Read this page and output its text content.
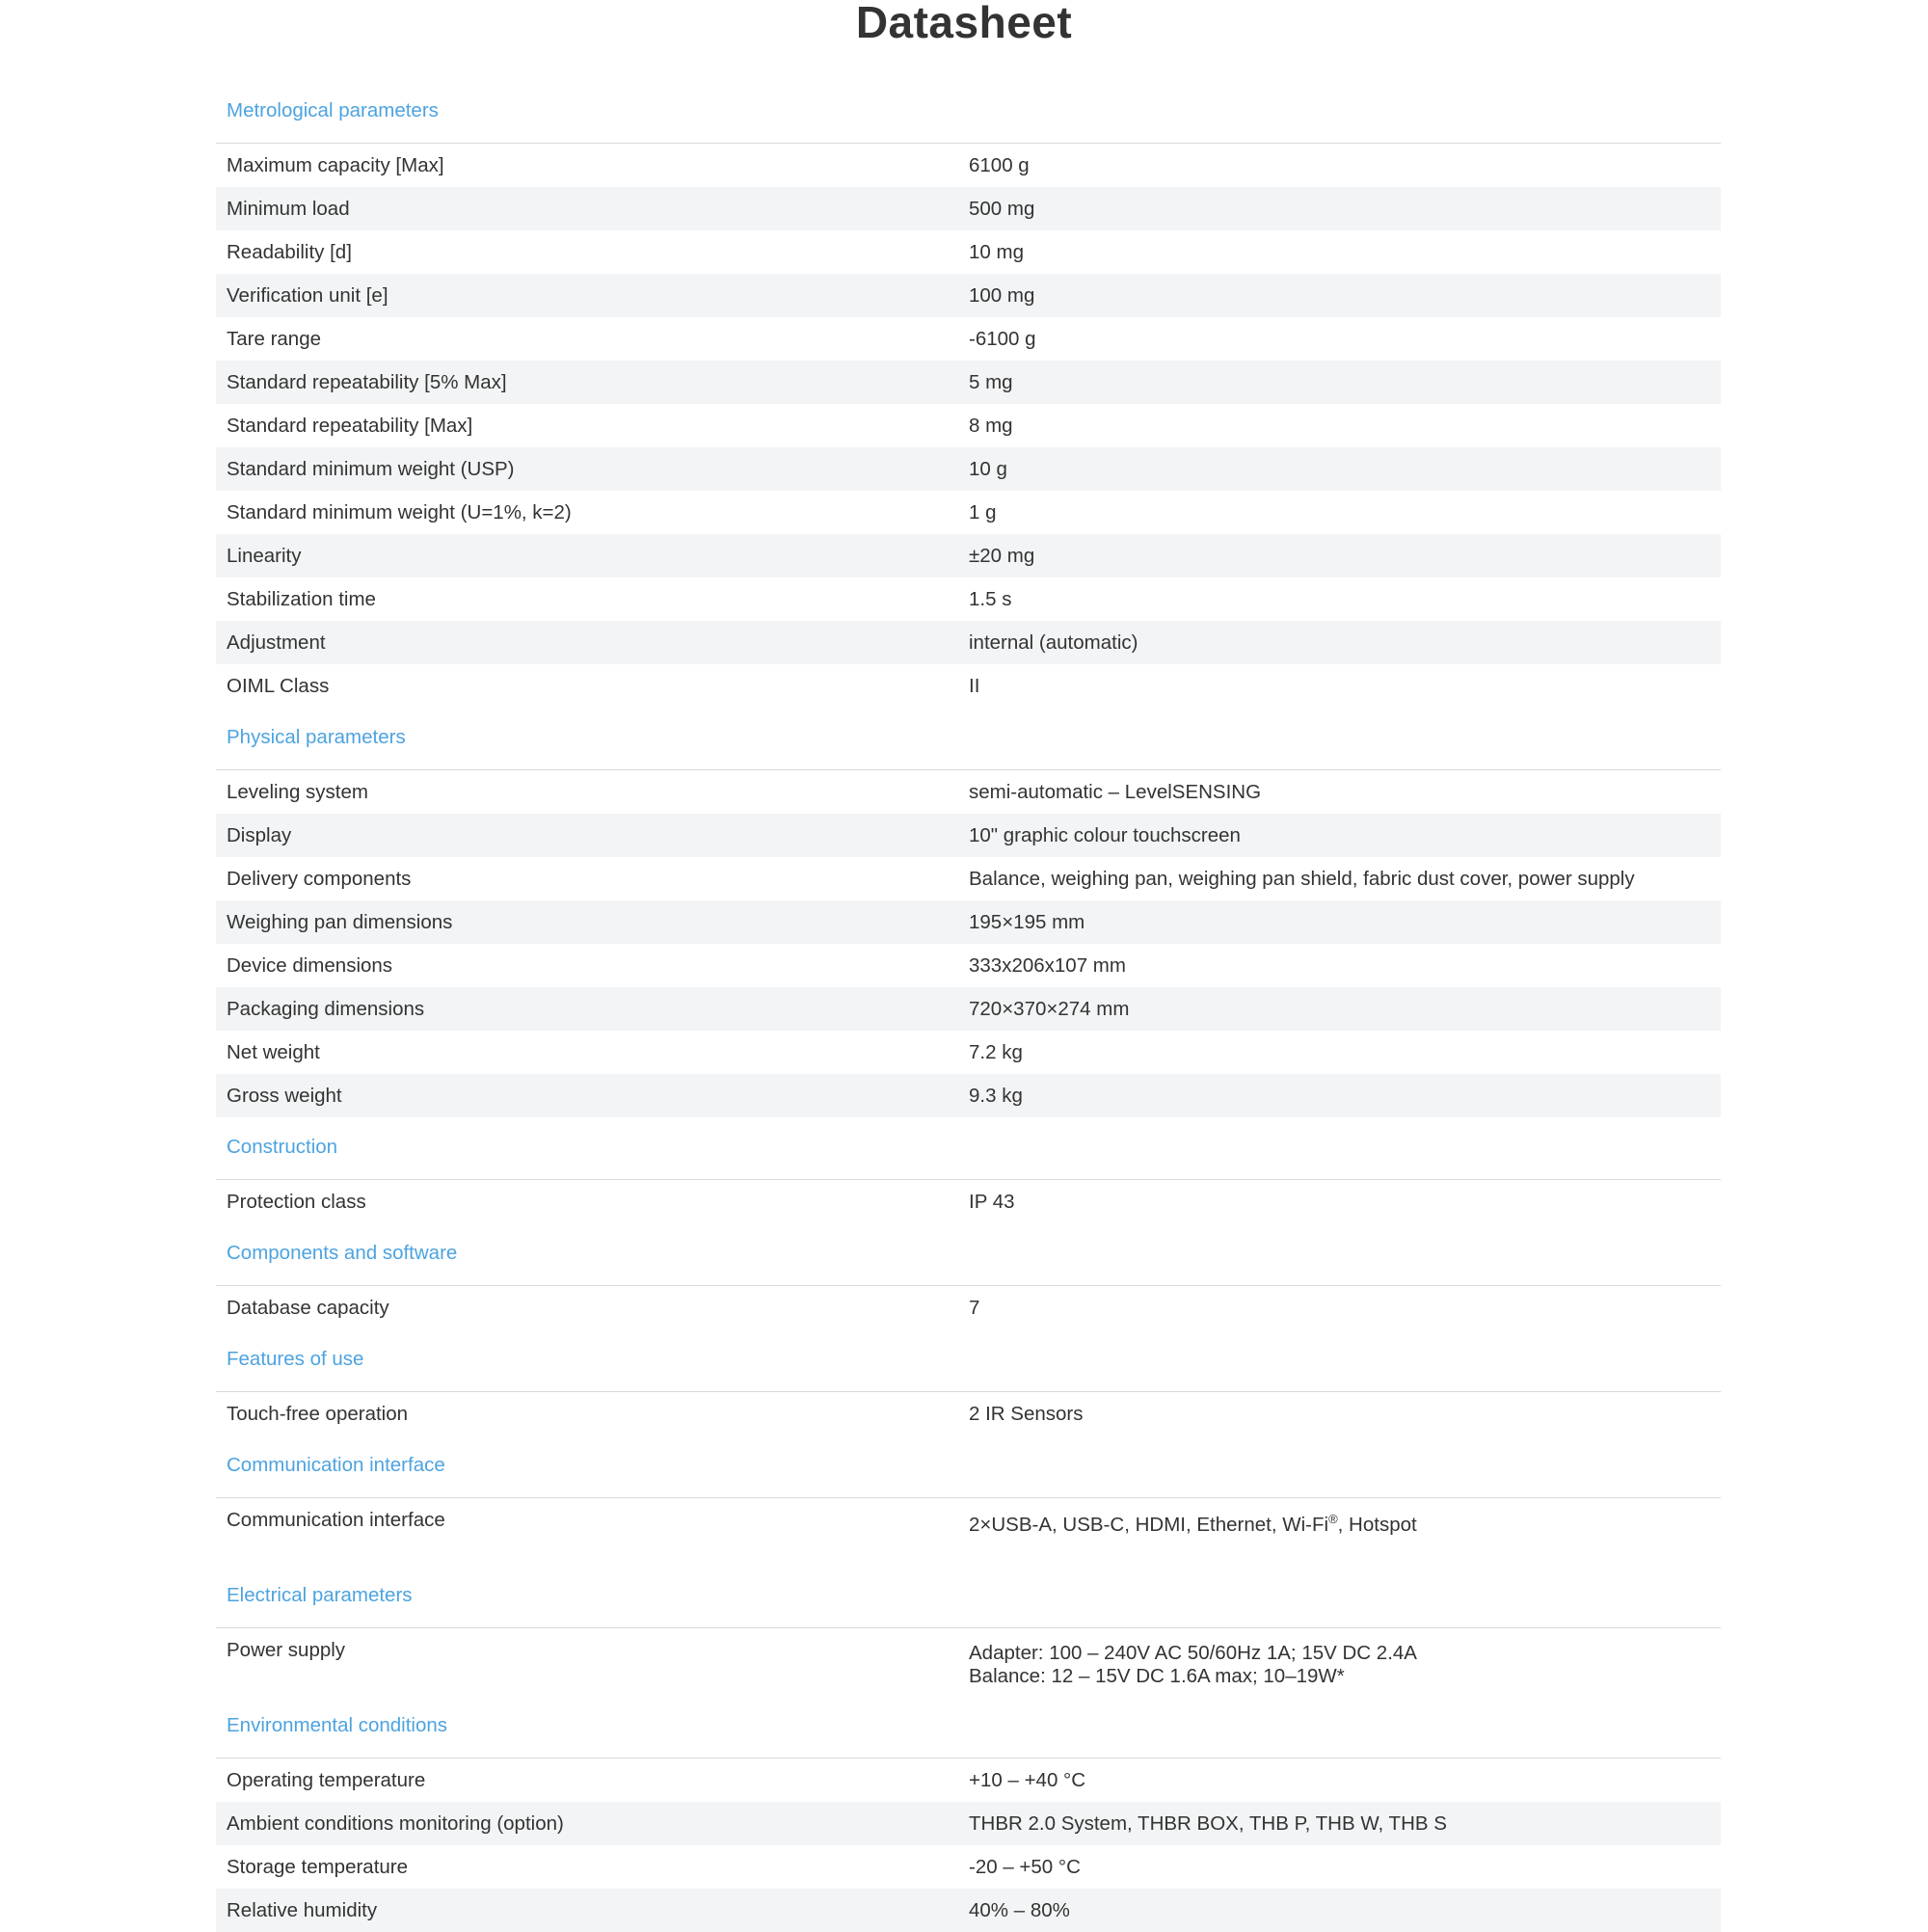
Datasheet
Metrological parameters
Maximum capacity [Max]	6100 g
Minimum load	500 mg
Readability [d]	10 mg
Verification unit [e]	100 mg
Tare range	-6100 g
Standard repeatability [5% Max]	5 mg
Standard repeatability [Max]	8 mg
Standard minimum weight (USP)	10 g
Standard minimum weight (U=1%, k=2)	1 g
Linearity	±20 mg
Stabilization time	1.5 s
Adjustment	internal (automatic)
OIML Class	II
Physical parameters
Leveling system	semi-automatic – LevelSENSING
Display	10" graphic colour touchscreen
Delivery components	Balance, weighing pan, weighing pan shield, fabric dust cover, power supply
Weighing pan dimensions	195×195 mm
Device dimensions	333x206x107 mm
Packaging dimensions	720×370×274 mm
Net weight	7.2 kg
Gross weight	9.3 kg
Construction
Protection class	IP 43
Components and software
Database capacity	7
Features of use
Touch-free operation	2 IR Sensors
Communication interface
Communication interface	2×USB-A, USB-C, HDMI, Ethernet, Wi-Fi®, Hotspot
Electrical parameters
Power supply	Adapter: 100 – 240V AC 50/60Hz 1A; 15V DC 2.4A
Balance: 12 – 15V DC 1.6A max; 10–19W*
Environmental conditions
Operating temperature	+10 – +40 °C
Ambient conditions monitoring (option)	THBR 2.0 System, THBR BOX, THB P, THB W, THB S
Storage temperature	-20 – +50 °C
Relative humidity	40% – 80%
